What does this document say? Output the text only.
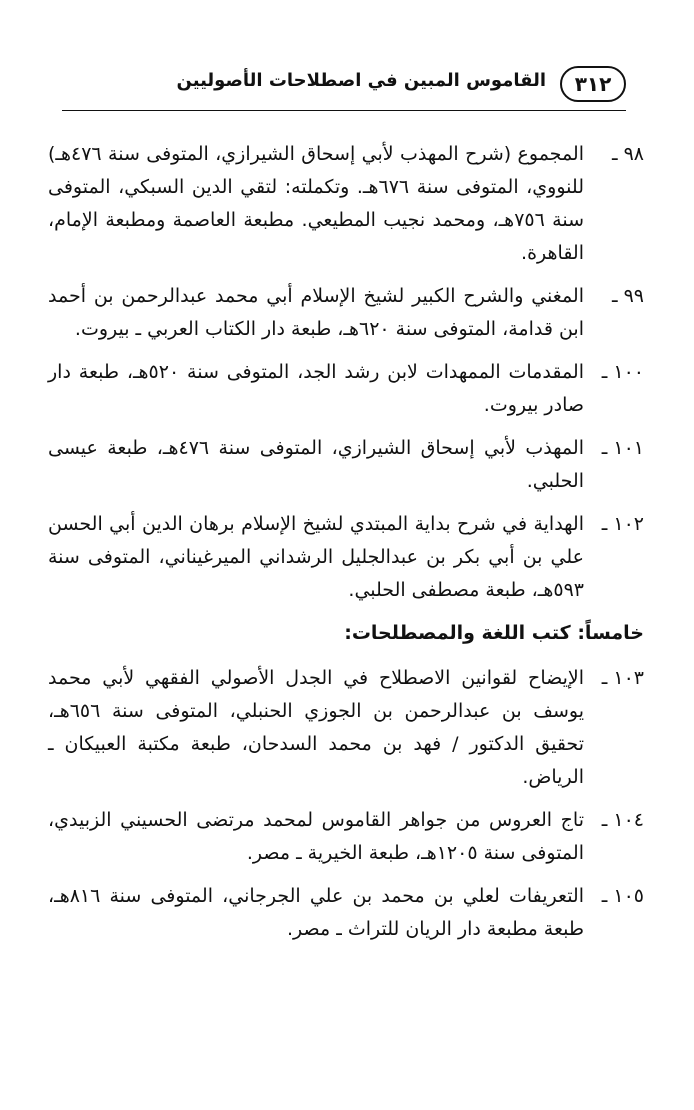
٣١٢
القاموس المبين في اصطلاحات الأصوليين
٩٨ ـ
المجموع (شرح المهذب لأبي إسحاق الشيرازي، المتوفى سنة ٤٧٦هـ) للنووي، المتوفى سنة ٦٧٦هـ. وتكملته: لتقي الدين السبكي، المتوفى سنة ٧٥٦هـ، ومحمد نجيب المطيعي. مطبعة العاصمة ومطبعة الإمام، القاهرة.
٩٩ ـ
المغني والشرح الكبير لشيخ الإسلام أبي محمد عبدالرحمن بن أحمد ابن قدامة، المتوفى سنة ٦٢٠هـ، طبعة دار الكتاب العربي ـ بيروت.
١٠٠ ـ
المقدمات الممهدات لابن رشد الجد، المتوفى سنة ٥٢٠هـ، طبعة دار صادر بيروت.
١٠١ ـ
المهذب لأبي إسحاق الشيرازي، المتوفى سنة ٤٧٦هـ، طبعة عيسى الحلبي.
١٠٢ ـ
الهداية في شرح بداية المبتدي لشيخ الإسلام برهان الدين أبي الحسن علي بن أبي بكر بن عبدالجليل الرشداني الميرغيناني، المتوفى سنة ٥٩٣هـ، طبعة مصطفى الحلبي.
خامساً: كتب اللغة والمصطلحات:
١٠٣ ـ
الإيضاح لقوانين الاصطلاح في الجدل الأصولي الفقهي لأبي محمد يوسف بن عبدالرحمن بن الجوزي الحنبلي، المتوفى سنة ٦٥٦هـ، تحقيق الدكتور / فهد بن محمد السدحان، طبعة مكتبة العبيكان ـ الرياض.
١٠٤ ـ
تاج العروس من جواهر القاموس لمحمد مرتضى الحسيني الزبيدي، المتوفى سنة ١٢٠٥هـ، طبعة الخيرية ـ مصر.
١٠٥ ـ
التعريفات لعلي بن محمد بن علي الجرجاني، المتوفى سنة ٨١٦هـ، طبعة مطبعة دار الريان للتراث ـ مصر.
